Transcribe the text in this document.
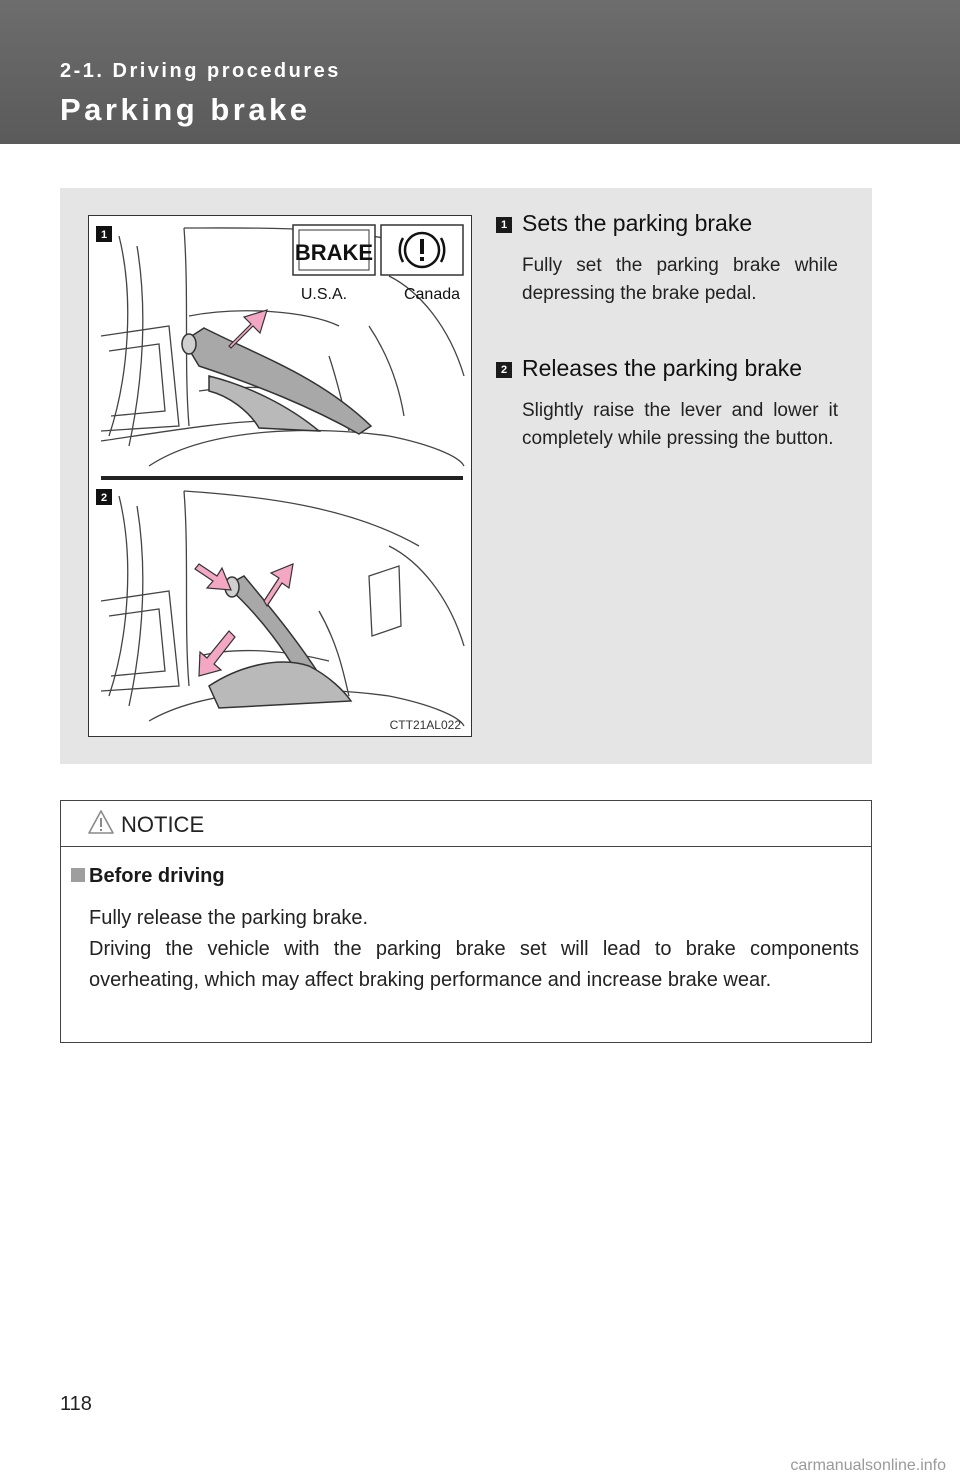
2-1. Driving procedures
Parking brake
BRAKE
U.S.A.	Canada
1
2
CTT21AL022
1 Sets the parking brake
Fully set the parking brake while depressing the brake pedal.
2 Releases the parking brake
Slightly raise the lever and lower it completely while pressing the button.
NOTICE
Before driving

Fully release the parking brake.

Driving the vehicle with the parking brake set will lead to brake components overheating, which may affect braking performance and increase brake wear.

118
carmanualsonline.info
